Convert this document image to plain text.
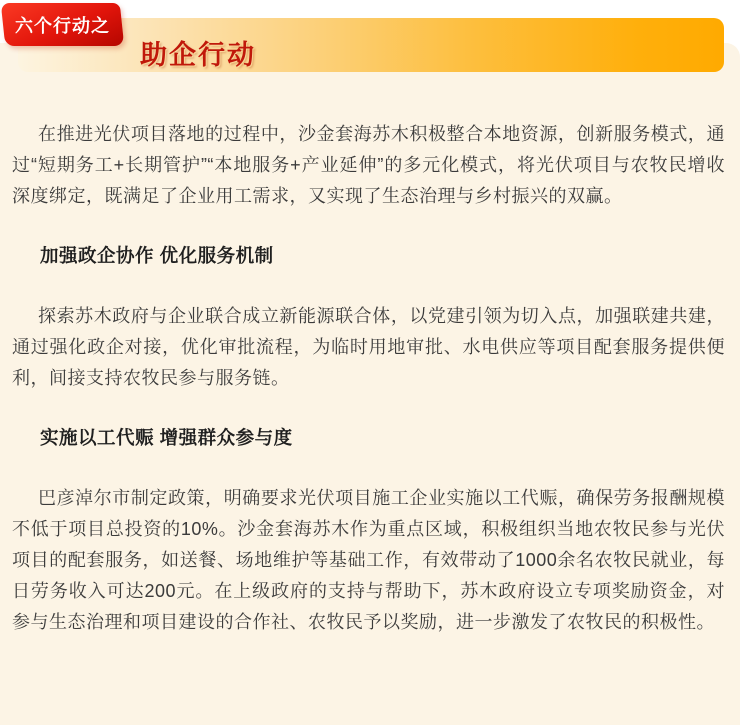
在推进光伏项目落地的过程中，沙金套海苏木积极整合本地资源，创新服务模式，通过“短期务工+长期管护”“本地服务+产业延伸”的多元化模式，将光伏项目与农牧民增收深度绑定，既满足了企业用工需求，又实现了生态治理与乡村振兴的双赢。

加强政企协作 优化服务机制

探索苏木政府与企业联合成立新能源联合体，以党建引领为切入点，加强联建共建，通过强化政企对接，优化审批流程，为临时用地审批、水电供应等项目配套服务提供便利，间接支持农牧民参与服务链。

实施以工代赈 增强群众参与度

巴彦淖尔市制定政策，明确要求光伏项目施工企业实施以工代赈，确保劳务报酬规模不低于项目总投资的10%。沙金套海苏木作为重点区域，积极组织当地农牧民参与光伏项目的配套服务，如送餐、场地维护等基础工作，有效带动了1000余名农牧民就业，每日劳务收入可达200元。在上级政府的支持与帮助下，苏木政府设立专项奖励资金，对参与生态治理和项目建设的合作社、农牧民予以奖励，进一步激发了农牧民的积极性。

助企行动
六个行动之
